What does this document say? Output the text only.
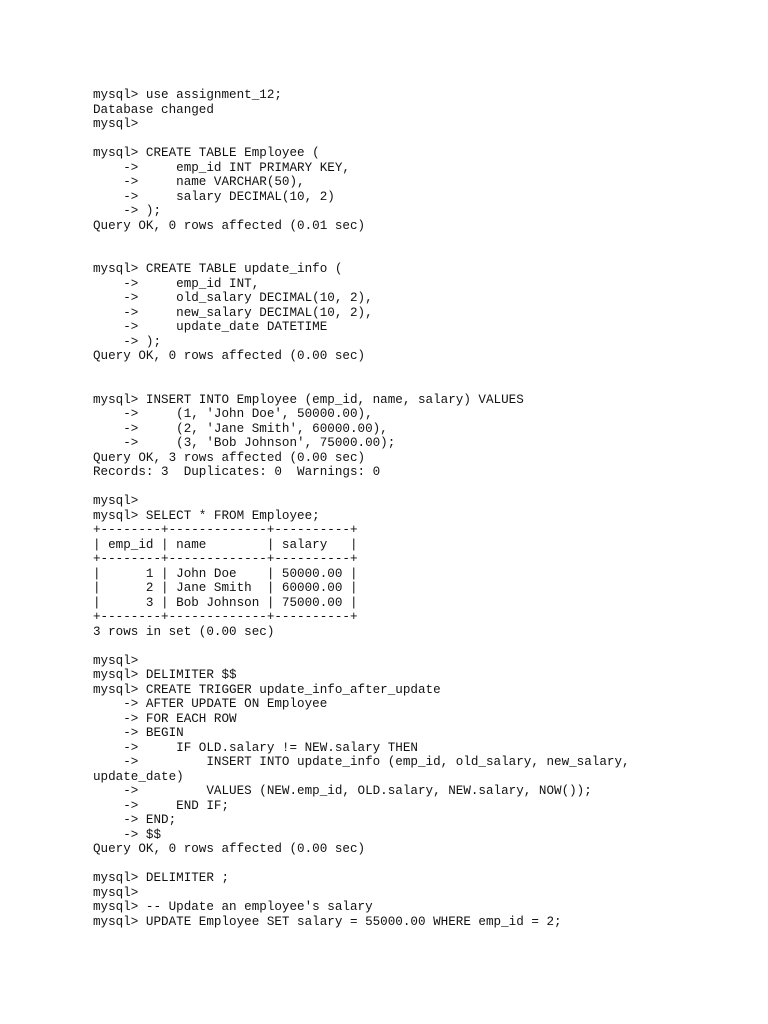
mysql> use assignment_12;
Database changed
mysql>
mysql> CREATE TABLE Employee (
->     emp_id INT PRIMARY KEY,
->     name VARCHAR(50),
->     salary DECIMAL(10, 2)
-> );
Query OK, 0 rows affected (0.01 sec)
mysql> CREATE TABLE update_info (
->     emp_id INT,
->     old_salary DECIMAL(10, 2),
->     new_salary DECIMAL(10, 2),
->     update_date DATETIME
-> );
Query OK, 0 rows affected (0.00 sec)
mysql> INSERT INTO Employee (emp_id, name, salary) VALUES
->     (1, 'John Doe', 50000.00),
->     (2, 'Jane Smith', 60000.00),
->     (3, 'Bob Johnson', 75000.00);
Query OK, 3 rows affected (0.00 sec)
Records: 3  Duplicates: 0  Warnings: 0
mysql>
mysql> SELECT * FROM Employee;
+--------+-------------+----------+
| emp_id | name        | salary   |
+--------+-------------+----------+
|      1 | John Doe    | 50000.00 |
|      2 | Jane Smith  | 60000.00 |
|      3 | Bob Johnson | 75000.00 |
+--------+-------------+----------+
3 rows in set (0.00 sec)
mysql>
mysql> DELIMITER $$
mysql> CREATE TRIGGER update_info_after_update
-> AFTER UPDATE ON Employee
-> FOR EACH ROW
-> BEGIN
->     IF OLD.salary != NEW.salary THEN
->         INSERT INTO update_info (emp_id, old_salary, new_salary,
update_date)
->         VALUES (NEW.emp_id, OLD.salary, NEW.salary, NOW());
->     END IF;
-> END;
-> $$
Query OK, 0 rows affected (0.00 sec)
mysql> DELIMITER ;
mysql>
mysql> -- Update an employee's salary
mysql> UPDATE Employee SET salary = 55000.00 WHERE emp_id = 2;
